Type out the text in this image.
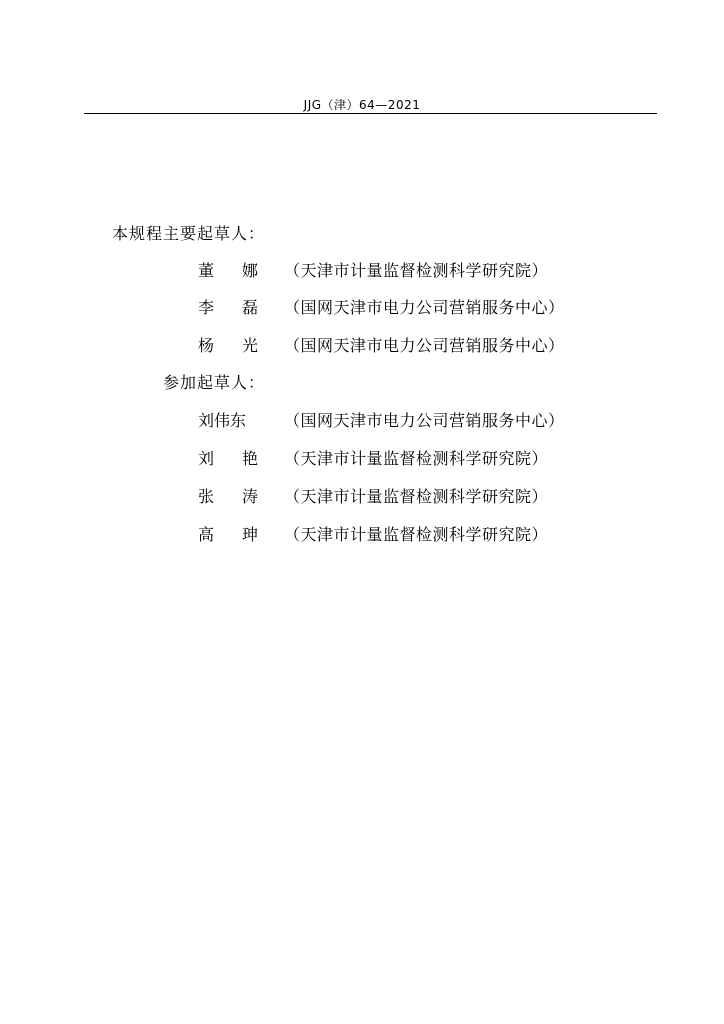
JJG（津）64—2021
本规程主要起草人：
董 娜 （天津市计量监督检测科学研究院）
李 磊 （国网天津市电力公司营销服务中心）
杨 光 （国网天津市电力公司营销服务中心）
参加起草人：
刘伟东 （国网天津市电力公司营销服务中心）
刘 艳 （天津市计量监督检测科学研究院）
张 涛 （天津市计量监督检测科学研究院）
高 珅 （天津市计量监督检测科学研究院）
